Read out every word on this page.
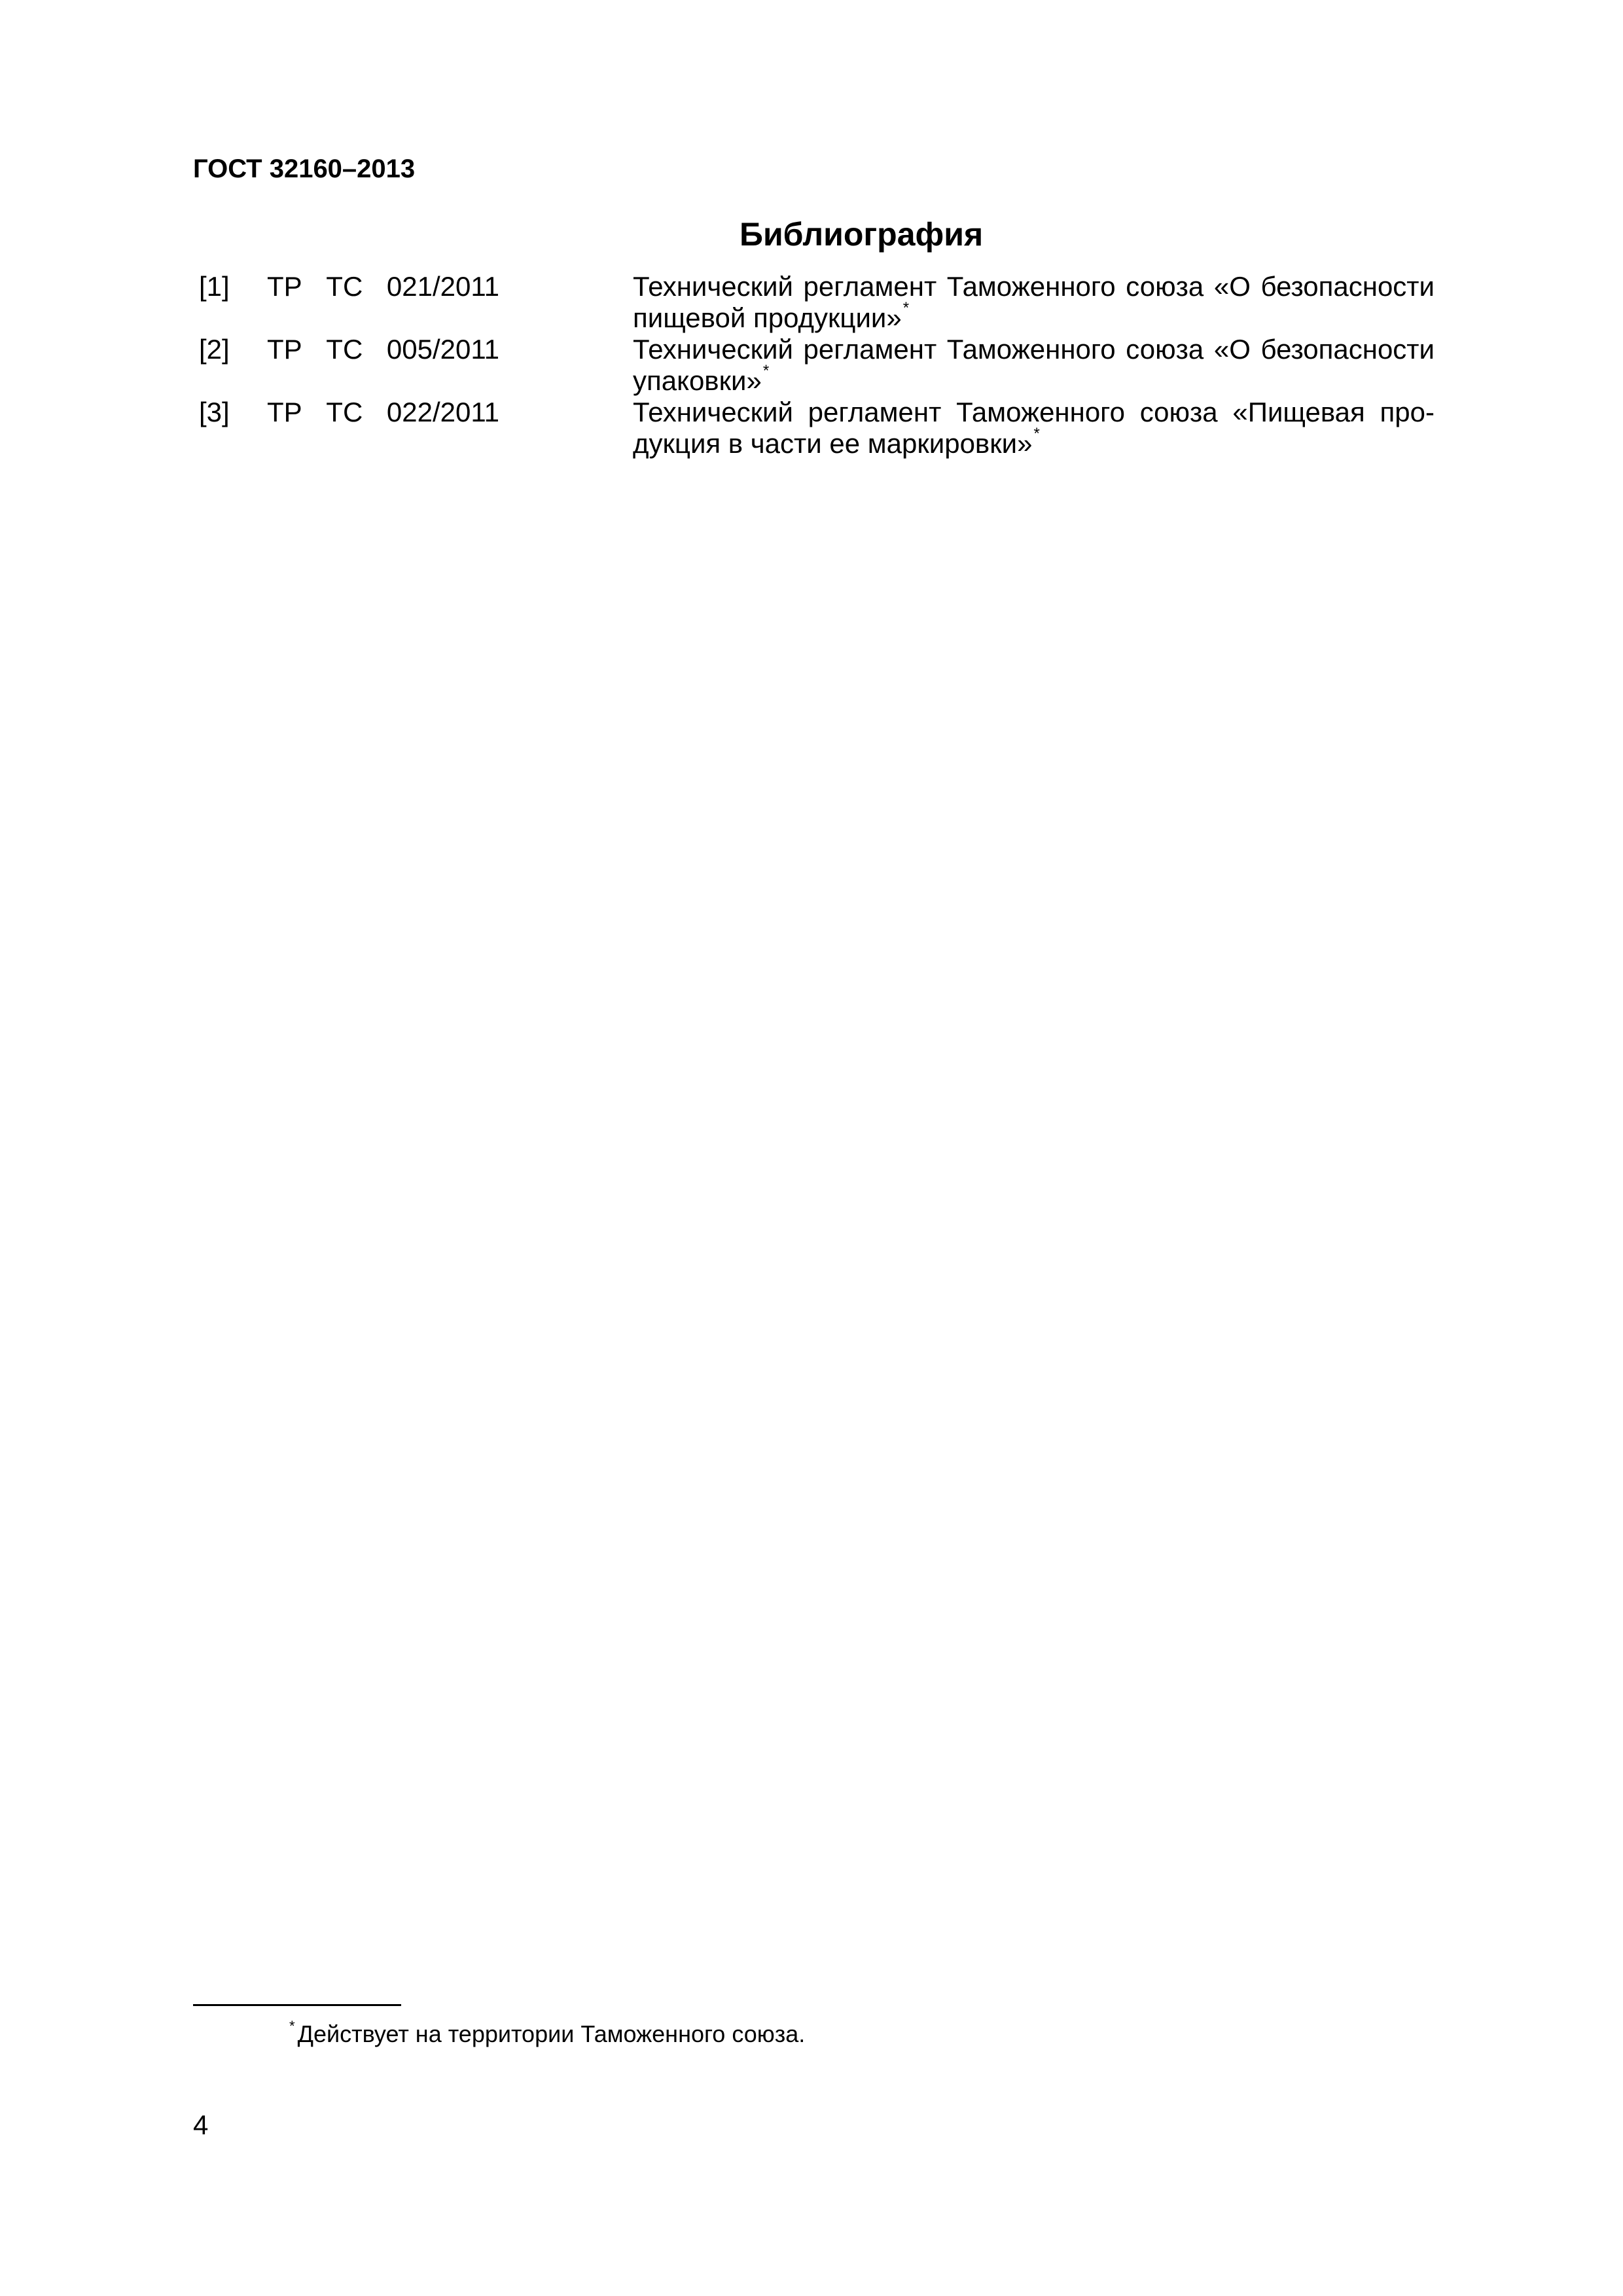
ГОСТ 32160–2013
Библиография
[1] ТР ТС 021/2011	Технический регламент Таможенного союза «О безопасности
пищевой продукции»*
[2] ТР ТС 005/2011	Технический регламент Таможенного союза «О безопасности
упаковки»*
[3] ТР ТС 022/2011	Технический регламент Таможенного союза «Пищевая про-
дукция в части ее маркировки»*
* Действует на территории Таможенного союза.
4
